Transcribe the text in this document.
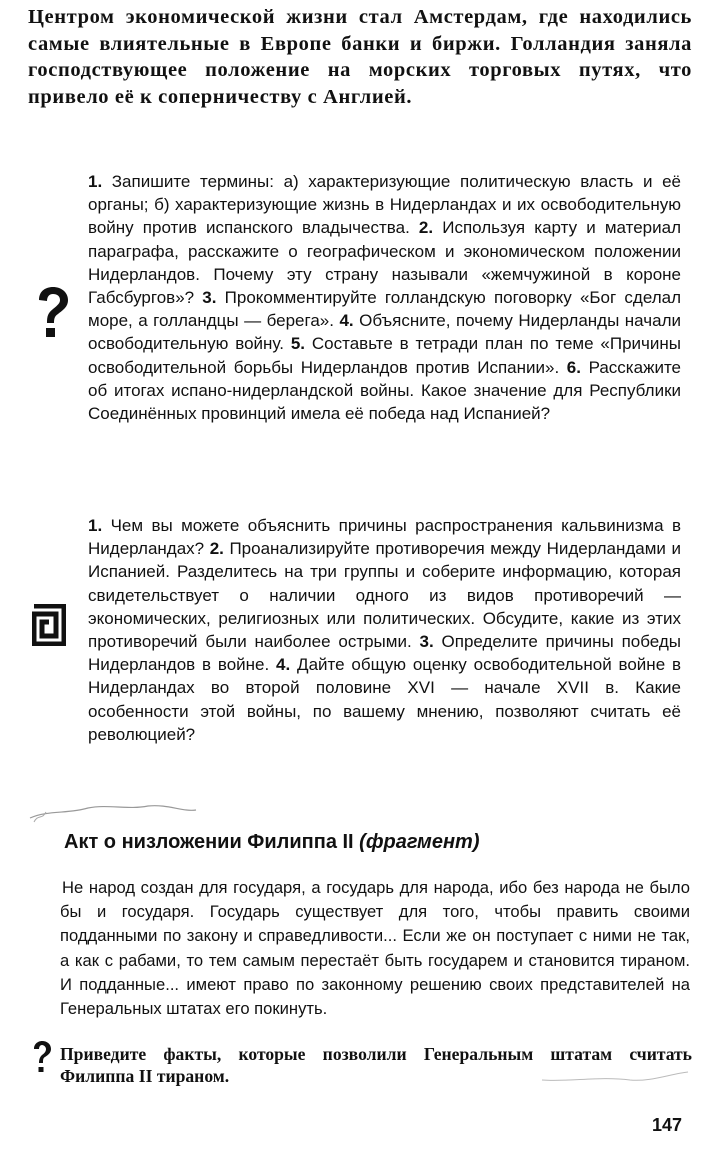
Центром экономической жизни стал Амстердам, где находились самые влиятельные в Европе банки и биржи. Голландия заняла господствующее положение на морских торговых путях, что привело её к соперничеству с Англией.

1. Запишите термины: а) характеризующие политическую власть и её органы; б) характеризующие жизнь в Нидерландах и их освободительную войну против испанского владычества. 2. Используя карту и материал параграфа, расскажите о географическом и экономическом положении Нидерландов. Почему эту страну называли «жемчужиной в короне Габсбургов»? 3. Прокомментируйте голландскую поговорку «Бог сделал море, а голландцы — берега». 4. Объясните, почему Нидерланды начали освободительную войну. 5. Составьте в тетради план по теме «Причины освободительной борьбы Нидерландов против Испании». 6. Расскажите об итогах испано-нидерландской войны. Какое значение для Республики Соединённых провинций имела её победа над Испанией?

1. Чем вы можете объяснить причины распространения кальвинизма в Нидерландах? 2. Проанализируйте противоречия между Нидерландами и Испанией. Разделитесь на три группы и соберите информацию, которая свидетельствует о наличии одного из видов противоречий — экономических, религиозных или политических. Обсудите, какие из этих противоречий были наиболее острыми. 3. Определите причины победы Нидерландов в войне. 4. Дайте общую оценку освободительной войне в Нидерландах во второй половине XVI — начале XVII в. Какие особенности этой войны, по вашему мнению, позволяют считать её революцией?

Акт о низложении Филиппа II (фрагмент)

Не народ создан для государя, а государь для народа, ибо без народа не было бы и государя. Государь существует для того, чтобы править своими подданными по закону и справедливости... Если же он поступает с ними не так, а как с рабами, то тем самым перестаёт быть государем и становится тираном. И подданные... имеют право по законному решению своих представителей на Генеральных штатах его покинуть.

Приведите факты, которые позволили Генеральным штатам считать Филиппа II тираном.

147
